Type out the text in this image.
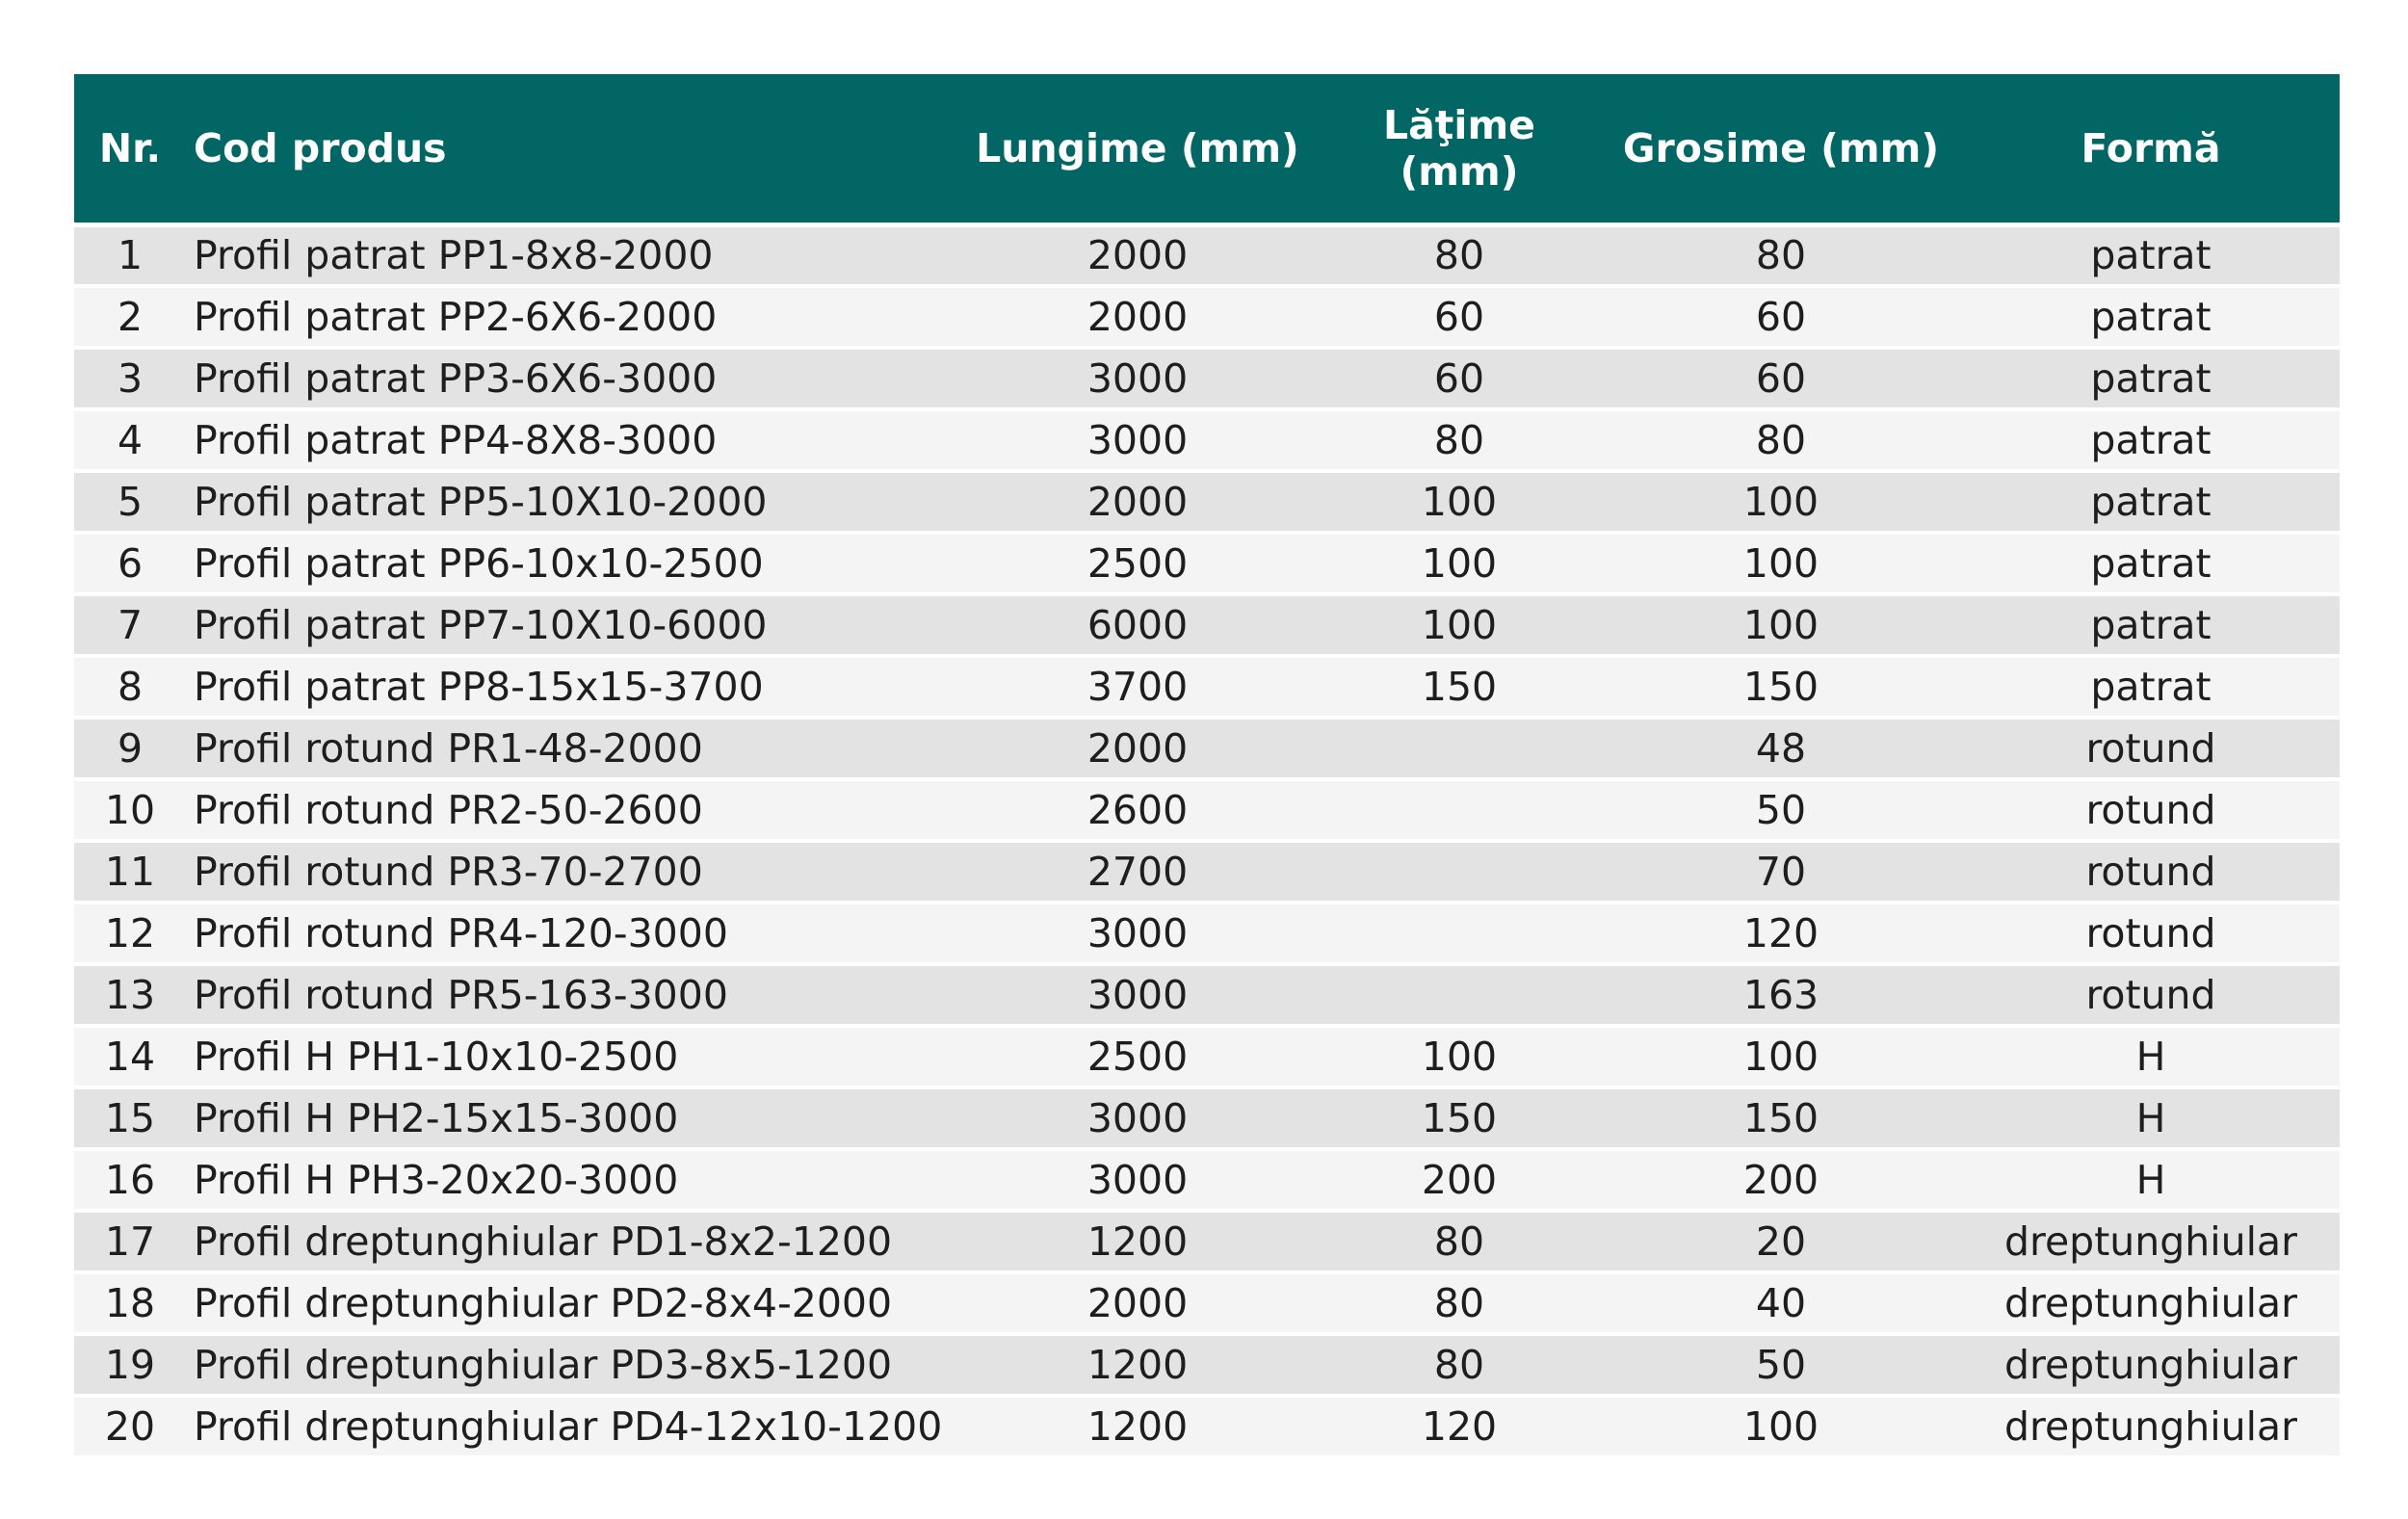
Nr.	Cod produs	Lungime (mm)	Lăţime (mm)	Grosime (mm)	Formă
1	Profil patrat PP1-8x8-2000	2000	80	80	patrat
2	Profil patrat PP2-6X6-2000	2000	60	60	patrat
3	Profil patrat PP3-6X6-3000	3000	60	60	patrat
4	Profil patrat PP4-8X8-3000	3000	80	80	patrat
5	Profil patrat PP5-10X10-2000	2000	100	100	patrat
6	Profil patrat PP6-10x10-2500	2500	100	100	patrat
7	Profil patrat PP7-10X10-6000	6000	100	100	patrat
8	Profil patrat PP8-15x15-3700	3700	150	150	patrat
9	Profil rotund PR1-48-2000	2000		48	rotund
10	Profil rotund PR2-50-2600	2600		50	rotund
11	Profil rotund PR3-70-2700	2700		70	rotund
12	Profil rotund PR4-120-3000	3000		120	rotund
13	Profil rotund PR5-163-3000	3000		163	rotund
14	Profil H PH1-10x10-2500	2500	100	100	H
15	Profil H PH2-15x15-3000	3000	150	150	H
16	Profil H PH3-20x20-3000	3000	200	200	H
17	Profil dreptunghiular PD1-8x2-1200	1200	80	20	dreptunghiular
18	Profil dreptunghiular PD2-8x4-2000	2000	80	40	dreptunghiular
19	Profil dreptunghiular PD3-8x5-1200	1200	80	50	dreptunghiular
20	Profil dreptunghiular PD4-12x10-1200	1200	120	100	dreptunghiular
